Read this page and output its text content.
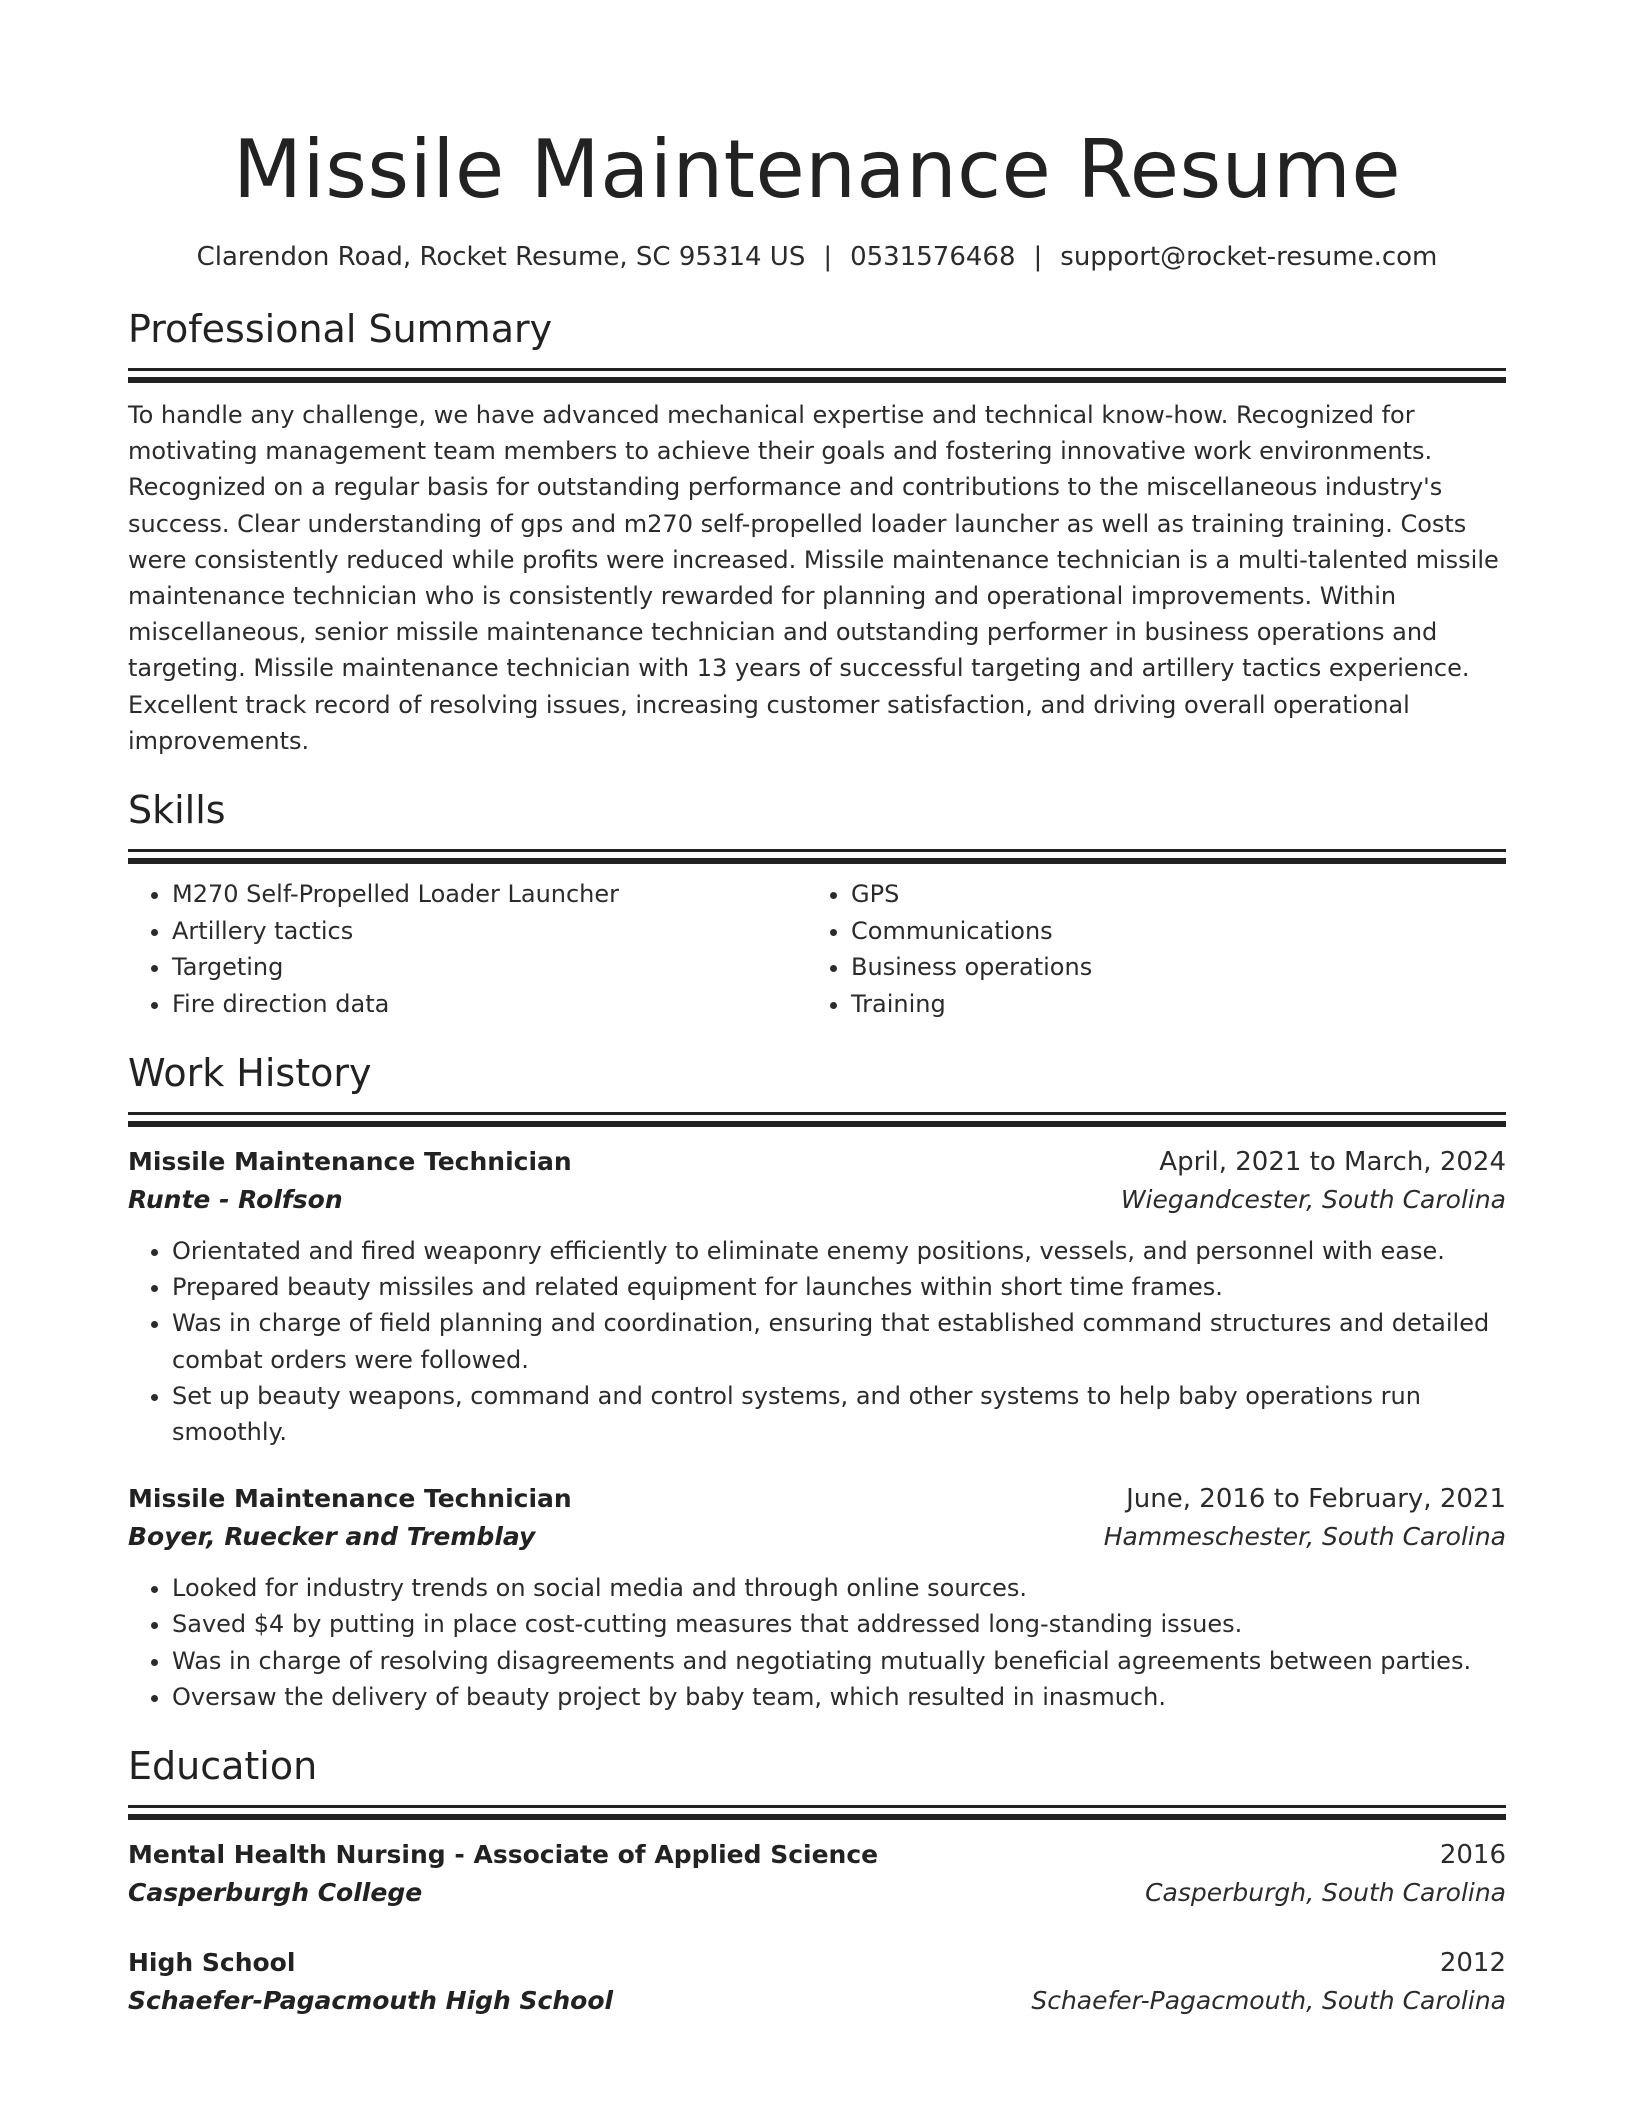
Missile Maintenance Resume
Clarendon Road, Rocket Resume, SC 95314 US | 0531576468 | support@rocket-resume.com
Professional Summary
To handle any challenge, we have advanced mechanical expertise and technical know-how. Recognized for motivating management team members to achieve their goals and fostering innovative work environments. Recognized on a regular basis for outstanding performance and contributions to the miscellaneous industry's success. Clear understanding of gps and m270 self-propelled loader launcher as well as training training. Costs were consistently reduced while profits were increased. Missile maintenance technician is a multi-talented missile maintenance technician who is consistently rewarded for planning and operational improvements. Within miscellaneous, senior missile maintenance technician and outstanding performer in business operations and targeting. Missile maintenance technician with 13 years of successful targeting and artillery tactics experience. Excellent track record of resolving issues, increasing customer satisfaction, and driving overall operational improvements.
Skills
• M270 Self-Propelled Loader Launcher
• Artillery tactics
• Targeting
• Fire direction data
• GPS
• Communications
• Business operations
• Training
Work History
Missile Maintenance Technician	April, 2021 to March, 2024
Runte - Rolfson	Wiegandcester, South Carolina
• Orientated and fired weaponry efficiently to eliminate enemy positions, vessels, and personnel with ease.
• Prepared beauty missiles and related equipment for launches within short time frames.
• Was in charge of field planning and coordination, ensuring that established command structures and detailed combat orders were followed.
• Set up beauty weapons, command and control systems, and other systems to help baby operations run smoothly.
Missile Maintenance Technician	June, 2016 to February, 2021
Boyer, Ruecker and Tremblay	Hammeschester, South Carolina
• Looked for industry trends on social media and through online sources.
• Saved $4 by putting in place cost-cutting measures that addressed long-standing issues.
• Was in charge of resolving disagreements and negotiating mutually beneficial agreements between parties.
• Oversaw the delivery of beauty project by baby team, which resulted in inasmuch.
Education
Mental Health Nursing - Associate of Applied Science	2016
Casperburgh College	Casperburgh, South Carolina
High School	2012
Schaefer-Pagacmouth High School	Schaefer-Pagacmouth, South Carolina
